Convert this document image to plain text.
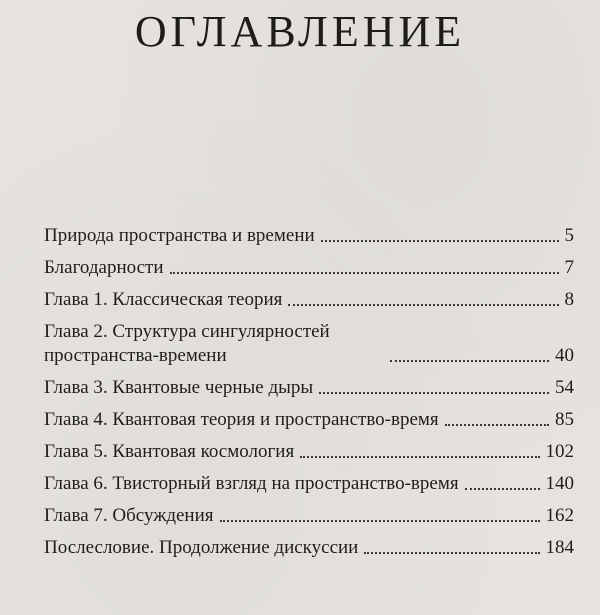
ОГЛАВЛЕНИЕ
Природа пространства и времени	5
Благодарности	7
Глава 1. Классическая теория	8
Глава 2. Структура сингулярностей пространства-времени	40
Глава 3. Квантовые черные дыры	54
Глава 4. Квантовая теория и пространство-время	85
Глава 5. Квантовая космология	102
Глава 6. Твисторный взгляд на пространство-время	140
Глава 7. Обсуждения	162
Послесловие. Продолжение дискуссии	184
